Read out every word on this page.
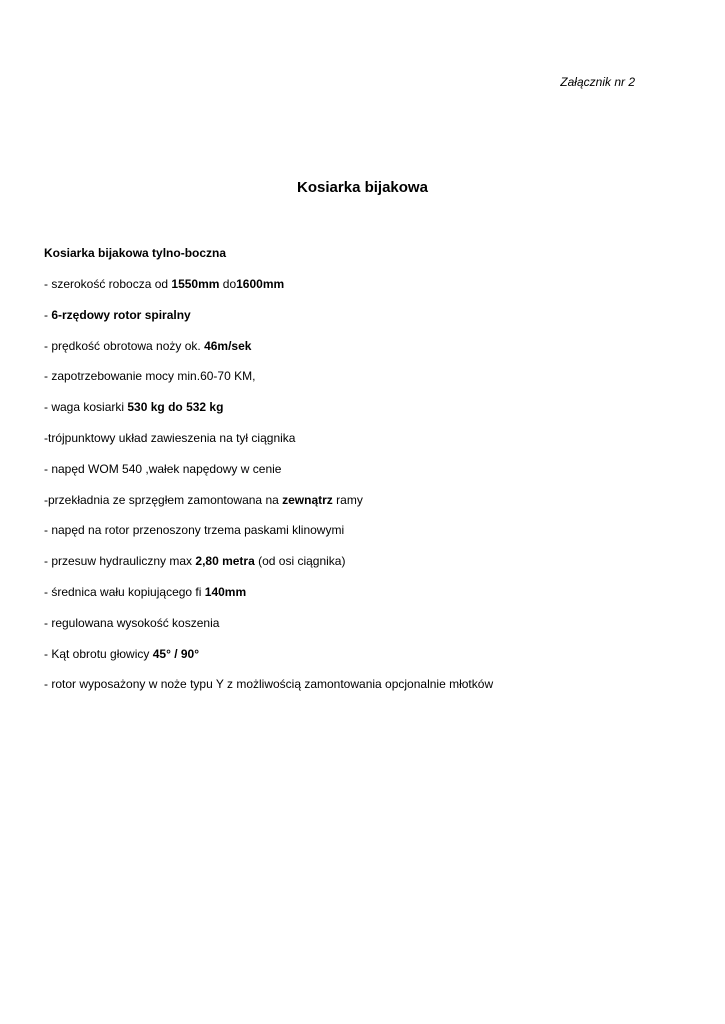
Załącznik nr 2
Kosiarka bijakowa
Kosiarka bijakowa tylno-boczna
- szerokość robocza od 1550mm do1600mm
- 6-rzędowy rotor spiralny
- prędkość obrotowa noży ok. 46m/sek
- zapotrzebowanie mocy min.60-70 KM,
- waga kosiarki 530 kg do 532 kg
-trójpunktowy układ zawieszenia na tył ciągnika
- napęd WOM 540 ,wałek napędowy w cenie
-przekładnia ze sprzęgłem zamontowana na zewnątrz ramy
- napęd na rotor przenoszony trzema paskami klinowymi
- przesuw hydrauliczny max 2,80 metra (od osi ciągnika)
- średnica wału kopiującego fi 140mm
- regulowana wysokość koszenia
- Kąt obrotu głowicy 45° / 90°
- rotor wyposażony w noże typu Y z możliwością zamontowania opcjonalnie młotków
